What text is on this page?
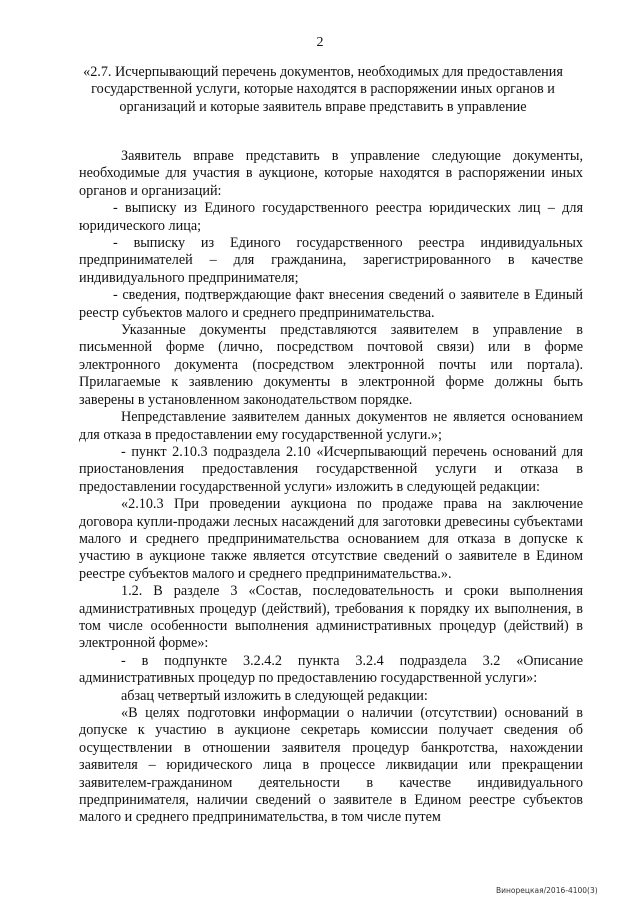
2
«2.7. Исчерпывающий перечень документов, необходимых для предоставления государственной услуги, которые находятся в распоряжении иных органов и организаций и которые заявитель вправе представить в управление

Заявитель вправе представить в управление следующие документы, необходимые для участия в аукционе, которые находятся в распоряжении иных органов и организаций:

- выписку из Единого государственного реестра юридических лиц – для юридического лица;

- выписку из Единого государственного реестра индивидуальных предпринимателей – для гражданина, зарегистрированного в качестве индивидуального предпринимателя;

- сведения, подтверждающие факт внесения сведений о заявителе в Единый реестр субъектов малого и среднего предпринимательства.

Указанные документы представляются заявителем в управление в письменной форме (лично, посредством почтовой связи) или в форме электронного документа (посредством электронной почты или портала). Прилагаемые к заявлению документы в электронной форме должны быть заверены в установленном законодательством порядке.

Непредставление заявителем данных документов не является основанием для отказа в предоставлении ему государственной услуги.»;

- пункт 2.10.3 подраздела 2.10 «Исчерпывающий перечень оснований для приостановления предоставления государственной услуги и отказа в предоставлении государственной услуги» изложить в следующей редакции:

«2.10.3 При проведении аукциона по продаже права на заключение договора купли-продажи лесных насаждений для заготовки древесины субъектами малого и среднего предпринимательства основанием для отказа в допуске к участию в аукционе также является отсутствие сведений о заявителе в Едином реестре субъектов малого и среднего предпринимательства.».

1.2. В разделе 3 «Состав, последовательность и сроки выполнения административных процедур (действий), требования к порядку их выполнения, в том числе особенности выполнения административных процедур (действий) в электронной форме»:

- в подпункте 3.2.4.2 пункта 3.2.4 подраздела 3.2 «Описание административных процедур по предоставлению государственной услуги»:

абзац четвертый изложить в следующей редакции:

«В целях подготовки информации о наличии (отсутствии) оснований в допуске к участию в аукционе секретарь комиссии получает сведения об осуществлении в отношении заявителя процедур банкротства, нахождении заявителя – юридического лица в процессе ликвидации или прекращении заявителем-гражданином деятельности в качестве индивидуального предпринимателя, наличии сведений о заявителе в Едином реестре субъектов малого и среднего предпринимательства, в том числе путем

Винорецкая/2016-4100(3)
